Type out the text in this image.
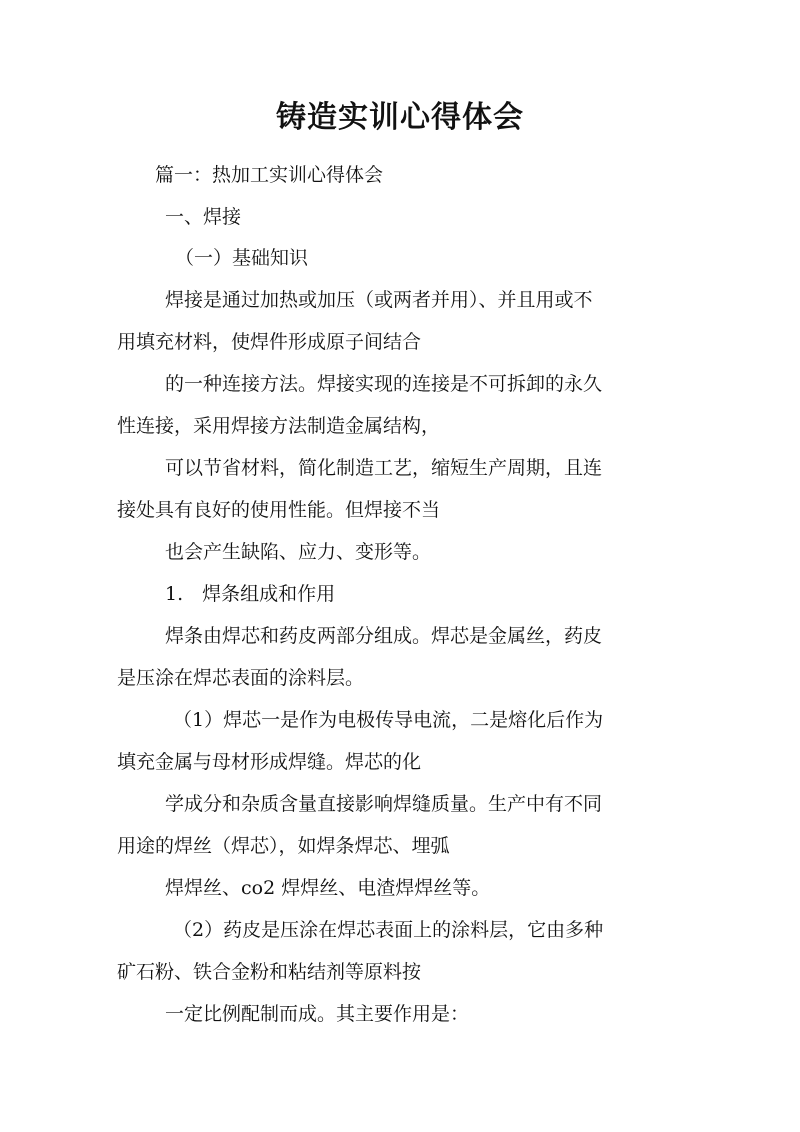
铸造实训心得体会
篇一：热加工实训心得体会
一、焊接
（一）基础知识
焊接是通过加热或加压（或两者并用）、并且用或不
用填充材料，使焊件形成原子间结合
的一种连接方法。焊接实现的连接是不可拆卸的永久
性连接，采用焊接方法制造金属结构，
可以节省材料，简化制造工艺，缩短生产周期，且连
接处具有良好的使用性能。但焊接不当
也会产生缺陷、应力、变形等。
1.　焊条组成和作用
焊条由焊芯和药皮两部分组成。焊芯是金属丝，药皮
是压涂在焊芯表面的涂料层。
（1）焊芯一是作为电极传导电流，二是熔化后作为
填充金属与母材形成焊缝。焊芯的化
学成分和杂质含量直接影响焊缝质量。生产中有不同
用途的焊丝（焊芯），如焊条焊芯、埋弧
焊焊丝、co2 焊焊丝、电渣焊焊丝等。
（2）药皮是压涂在焊芯表面上的涂料层，它由多种
矿石粉、铁合金粉和粘结剂等原料按
一定比例配制而成。其主要作用是：
